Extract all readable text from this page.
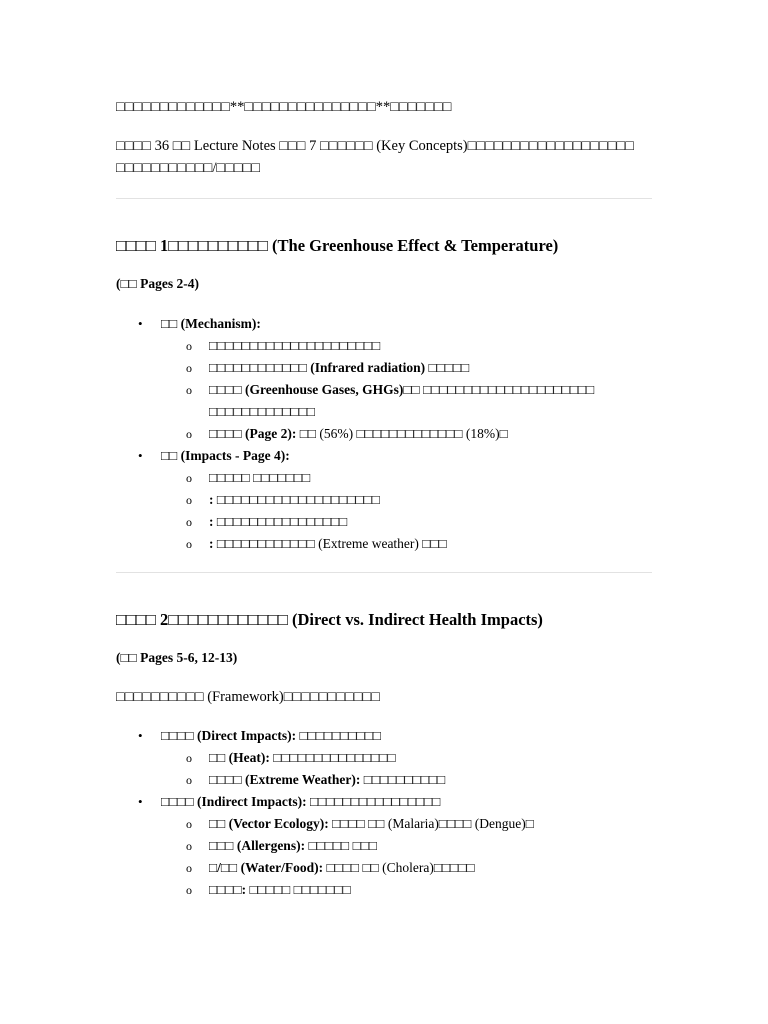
□□□□□□□□□□□□□**□□□□□□□□□□□□□□□**□□□□□□□

□□□□ 36 □□ Lecture Notes □□□ 7 □□□□□□ (Key Concepts)□□□□□□□□□□□□□□□□□□□

□□□□□□□□□□□/□□□□□

□□□□ 1□□□□□□□□□□ (The Greenhouse Effect & Temperature)
(□□ Pages 2-4)
• □□ (Mechanism):
o □□□□□□□□□□□□□□□□□□□□□
o □□□□□□□□□□□□ (Infrared radiation) □□□□□
o □□□□ (Greenhouse Gases, GHGs)□□ □□□□□□□□□□□□□□□□□□□□□
□□□□□□□□□□□□□
o □□□□ (Page 2): □□ (56%) □□□□□□□□□□□□□ (18%)□
• □□ (Impacts - Page 4):
o □□□□□ □□□□□□□
o : □□□□□□□□□□□□□□□□□□□□
o : □□□□□□□□□□□□□□□□
o : □□□□□□□□□□□□ (Extreme weather) □□□
□□□□ 2□□□□□□□□□□□□ (Direct vs. Indirect Health Impacts)
(□□ Pages 5-6, 12-13)

□□□□□□□□□□ (Framework)□□□□□□□□□□□

• □□□□ (Direct Impacts): □□□□□□□□□□
o □□ (Heat): □□□□□□□□□□□□□□□
o □□□□ (Extreme Weather): □□□□□□□□□□
• □□□□ (Indirect Impacts): □□□□□□□□□□□□□□□□
o □□ (Vector Ecology): □□□□ □□ (Malaria)□□□□ (Dengue)□
o □□□ (Allergens): □□□□□ □□□
o □/□□ (Water/Food): □□□□ □□ (Cholera)□□□□□
o □□□□: □□□□□ □□□□□□□
